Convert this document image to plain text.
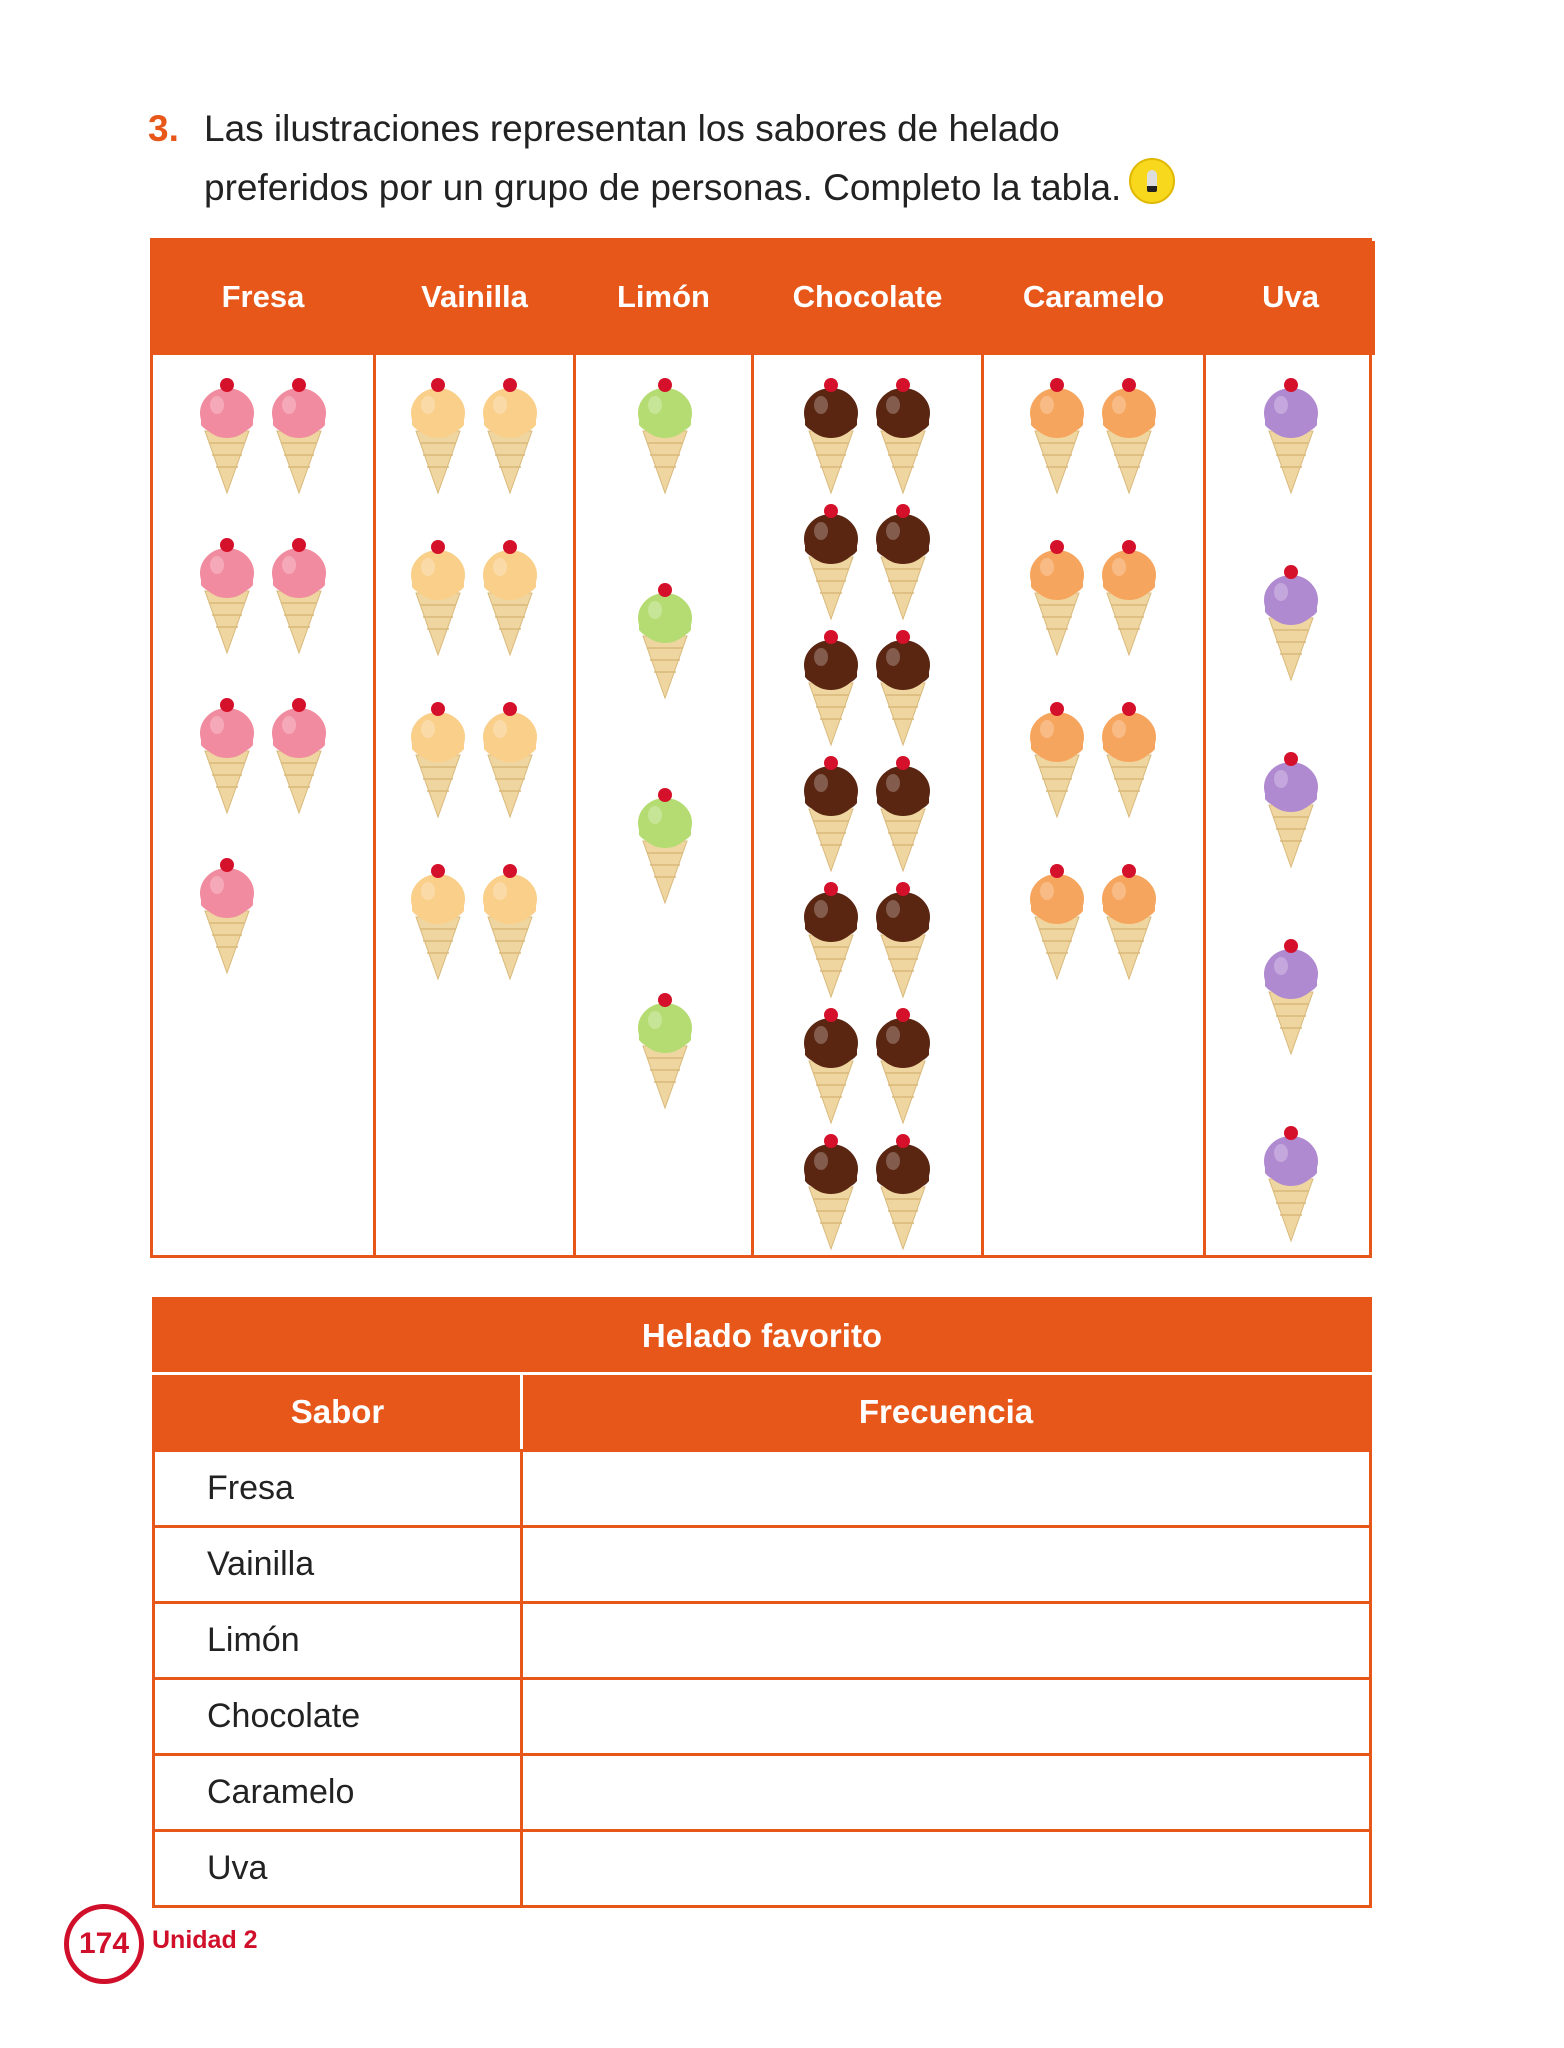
3. Las ilustraciones representan los sabores de helado
preferidos por un grupo de personas. Completo la tabla.
Fresa	Vainilla	Limón	Chocolate	Caramelo	Uva
Helado favorito	
Sabor	Frecuencia
Fresa	
Vainilla	
Limón	
Chocolate	
Caramelo	
Uva	
174 Unidad 2
